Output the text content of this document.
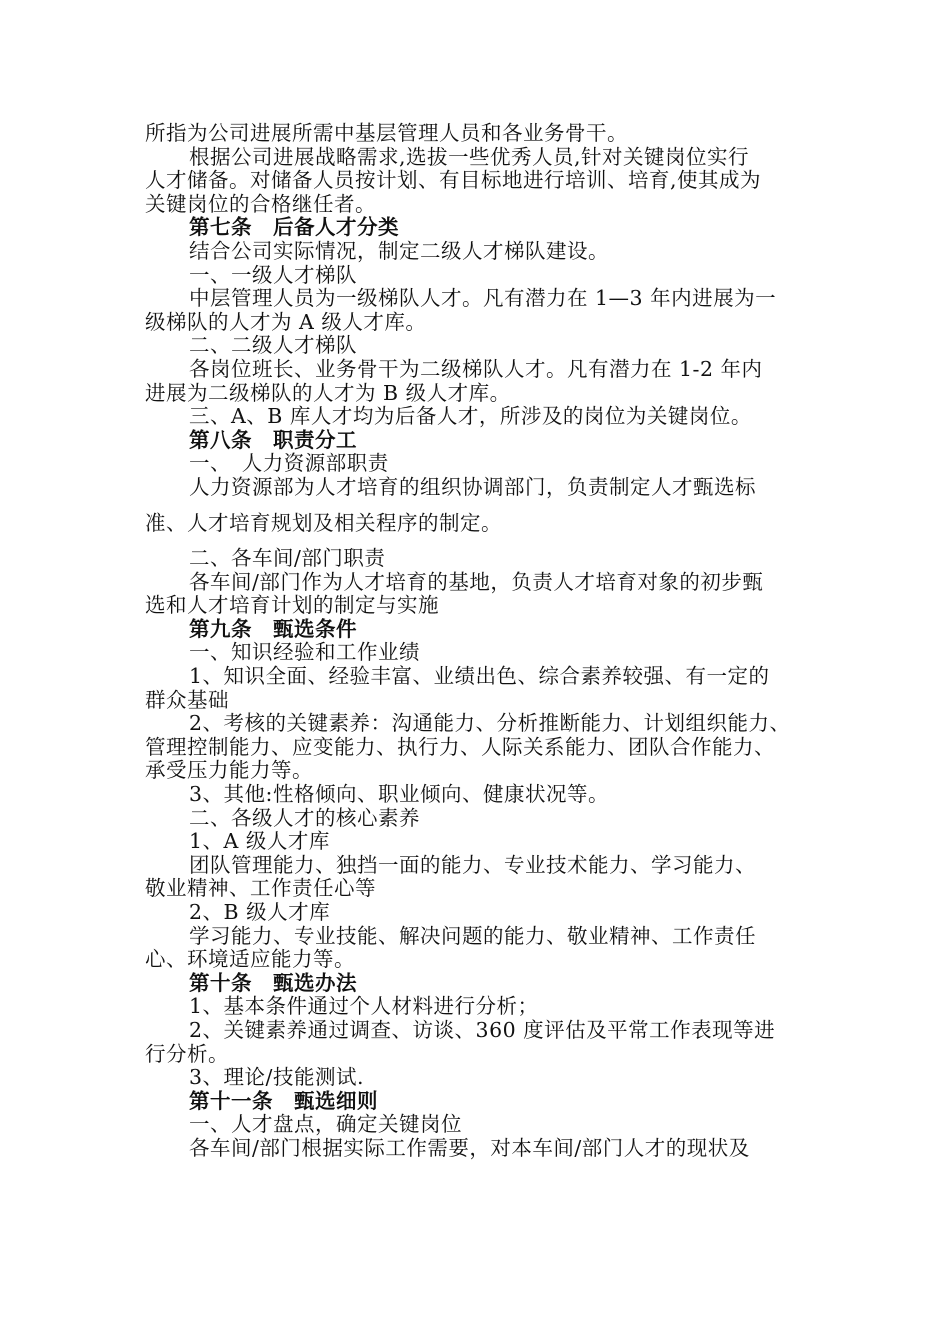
所指为公司进展所需中基层管理人员和各业务骨干。
根据公司进展战略需求,选拔一些优秀人员,针对关键岗位实行
人才储备。对储备人员按计划、有目标地进行培训、培育,使其成为
关键岗位的合格继任者。
第七条　后备人才分类
结合公司实际情况，制定二级人才梯队建设。
一、一级人才梯队
中层管理人员为一级梯队人才。凡有潜力在 1—3 年内进展为一
级梯队的人才为 A 级人才库。
二、二级人才梯队
各岗位班长、业务骨干为二级梯队人才。凡有潜力在 1-2 年内
进展为二级梯队的人才为 B 级人才库。
三、A、B 库人才均为后备人才，所涉及的岗位为关键岗位。
第八条　职责分工
一、　人力资源部职责
人力资源部为人才培育的组织协调部门，负责制定人才甄选标
准、人才培育规划及相关程序的制定。
二、各车间/部门职责
各车间/部门作为人才培育的基地，负责人才培育对象的初步甄
选和人才培育计划的制定与实施
第九条　甄选条件
一、知识经验和工作业绩
1、知识全面、经验丰富、业绩出色、综合素养较强、有一定的
群众基础
2、考核的关键素养：沟通能力、分析推断能力、计划组织能力、
管理控制能力、应变能力、执行力、人际关系能力、团队合作能力、
承受压力能力等。
3、其他:性格倾向、职业倾向、健康状况等。
二、各级人才的核心素养
1、A 级人才库
团队管理能力、独挡一面的能力、专业技术能力、学习能力、
敬业精神、工作责任心等
2、B 级人才库
学习能力、专业技能、解决问题的能力、敬业精神、工作责任
心、环境适应能力等。
第十条　甄选办法
1、基本条件通过个人材料进行分析；
2、关键素养通过调查、访谈、360 度评估及平常工作表现等进
行分析。
3、理论/技能测试.
第十一条　甄选细则
一、人才盘点，确定关键岗位
各车间/部门根据实际工作需要，对本车间/部门人才的现状及
